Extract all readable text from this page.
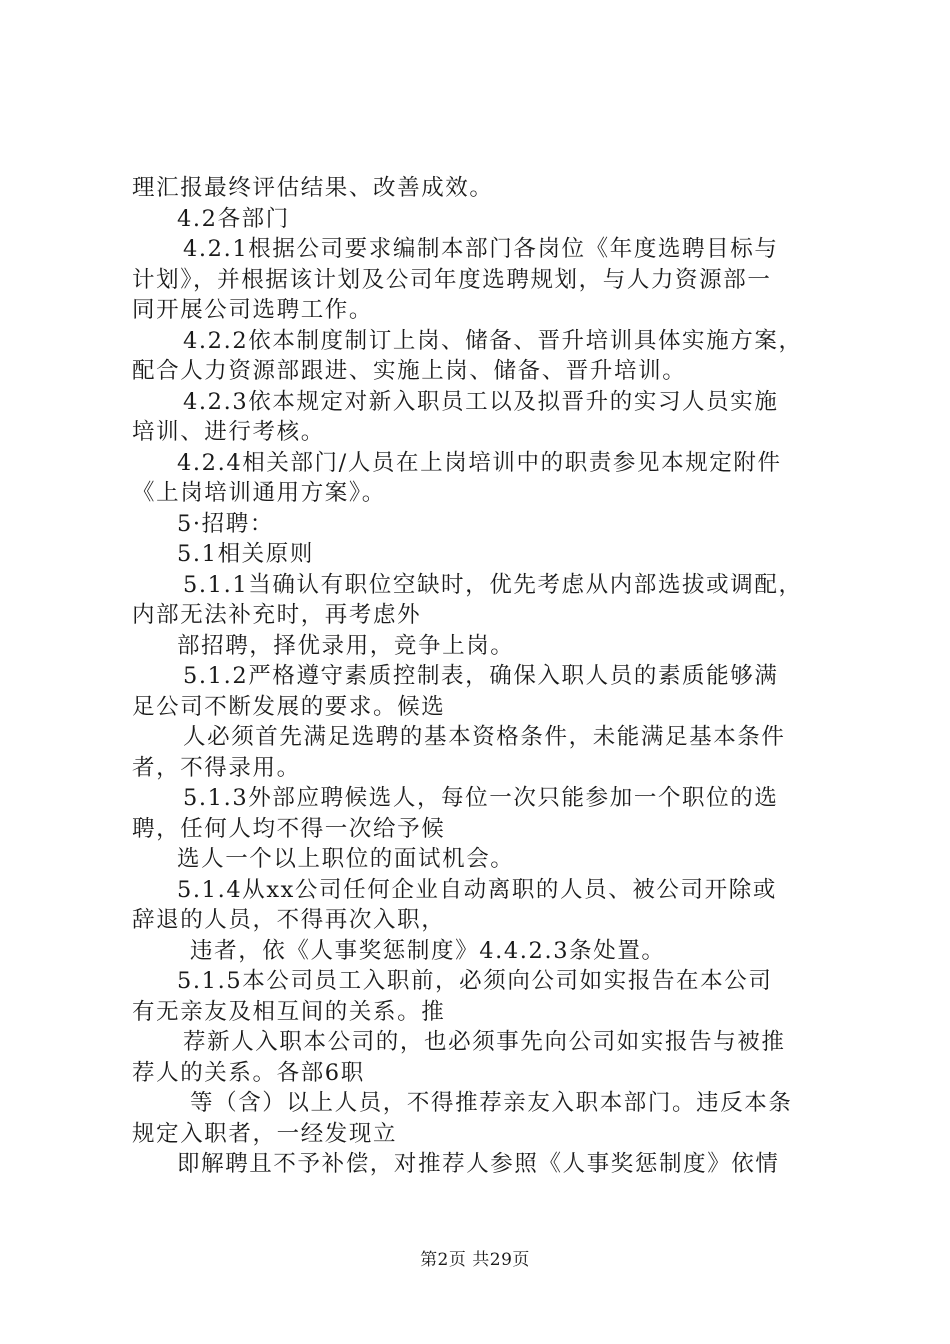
理汇报最终评估结果、改善成效。
4.2各部门
4.2.1根据公司要求编制本部门各岗位《年度选聘目标与
计划》，并根据该计划及公司年度选聘规划，与人力资源部一
同开展公司选聘工作。
4.2.2依本制度制订上岗、储备、晋升培训具体实施方案，
配合人力资源部跟进、实施上岗、储备、晋升培训。
4.2.3依本规定对新入职员工以及拟晋升的实习人员实施
培训、进行考核。
4.2.4相关部门/人员在上岗培训中的职责参见本规定附件
《上岗培训通用方案》。
5·招聘：
5.1相关原则
5.1.1当确认有职位空缺时，优先考虑从内部选拔或调配，
内部无法补充时，再考虑外
部招聘，择优录用，竞争上岗。
5.1.2严格遵守素质控制表，确保入职人员的素质能够满
足公司不断发展的要求。候选
人必须首先满足选聘的基本资格条件，未能满足基本条件
者，不得录用。
5.1.3外部应聘候选人，每位一次只能参加一个职位的选
聘，任何人均不得一次给予候
选人一个以上职位的面试机会。
5.1.4从xx公司任何企业自动离职的人员、被公司开除或
辞退的人员，不得再次入职，
违者，依《人事奖惩制度》4.4.2.3条处置。
5.1.5本公司员工入职前，必须向公司如实报告在本公司
有无亲友及相互间的关系。推
荐新人入职本公司的，也必须事先向公司如实报告与被推
荐人的关系。各部6职
等（含）以上人员，不得推荐亲友入职本部门。违反本条
规定入职者，一经发现立
即解聘且不予补偿，对推荐人参照《人事奖惩制度》依情
第2页 共29页
